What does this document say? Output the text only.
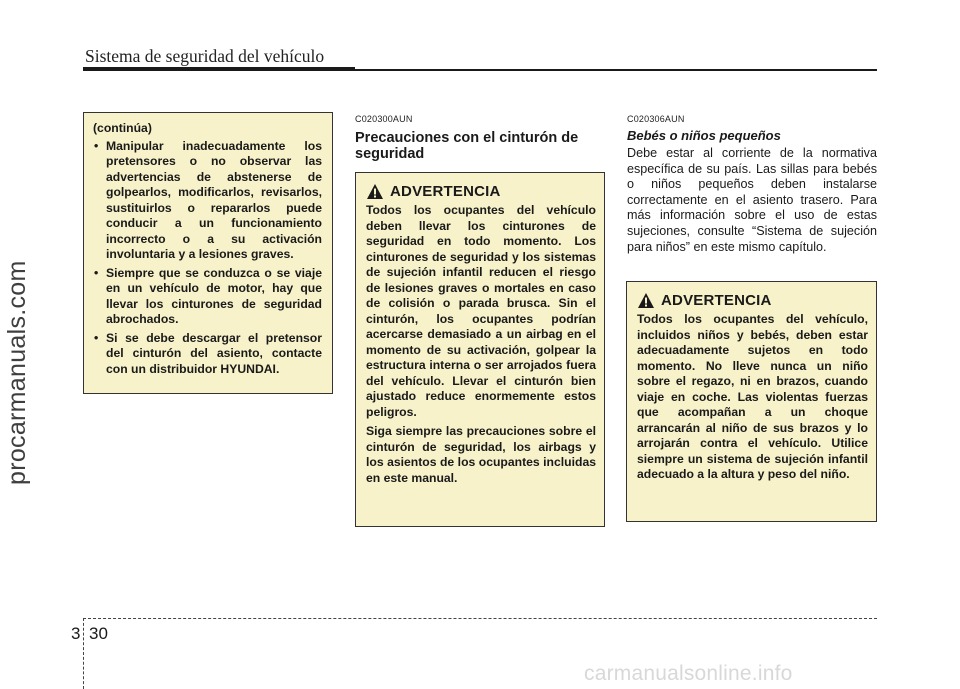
Sistema de seguridad del vehículo
procarmanuals.com
(continúa)
• Manipular inadecuadamente los pretensores o no observar las advertencias de abstenerse de golpearlos, modificarlos, revisarlos, sustituirlos o repararlos puede conducir a un funcionamiento incorrecto o a su activación involuntaria y a lesiones graves.
• Siempre que se conduzca o se viaje en un vehículo de motor, hay que llevar los cinturones de seguridad abrochados.
• Si se debe descargar el pretensor del cinturón del asiento, contacte con un distribuidor HYUNDAI.
C020300AUN
Precauciones con el cinturón de seguridad
ADVERTENCIA

Todos los ocupantes del vehículo deben llevar los cinturones de seguridad en todo momento. Los cinturones de seguridad y los sistemas de sujeción infantil reducen el riesgo de lesiones graves o mortales en caso de colisión o parada brusca. Sin el cinturón, los ocupantes podrían acercarse demasiado a un airbag en el momento de su activación, golpear la estructura interna o ser arrojados fuera del vehículo. Llevar el cinturón bien ajustado reduce enormemente estos peligros.

Siga siempre las precauciones sobre el cinturón de seguridad, los airbags y los asientos de los ocupantes incluidas en este manual.

C020306AUN
Bebés o niños pequeños

Debe estar al corriente de la normativa específica de su país. Las sillas para bebés o niños pequeños deben instalarse correctamente en el asiento trasero. Para más información sobre el uso de estas sujeciones, consulte “Sistema de sujeción para niños” en este mismo capítulo.

ADVERTENCIA

Todos los ocupantes del vehículo, incluidos niños y bebés, deben estar adecuadamente sujetos en todo momento. No lleve nunca un niño sobre el regazo, ni en brazos, cuando viaje en coche. Las violentas fuerzas que acompañan a un choque arrancarán al niño de sus brazos y lo arrojarán contra el vehículo. Utilice siempre un sistema de sujeción infantil adecuado a la altura y peso del niño.

3 30
carmanualsonline.info
